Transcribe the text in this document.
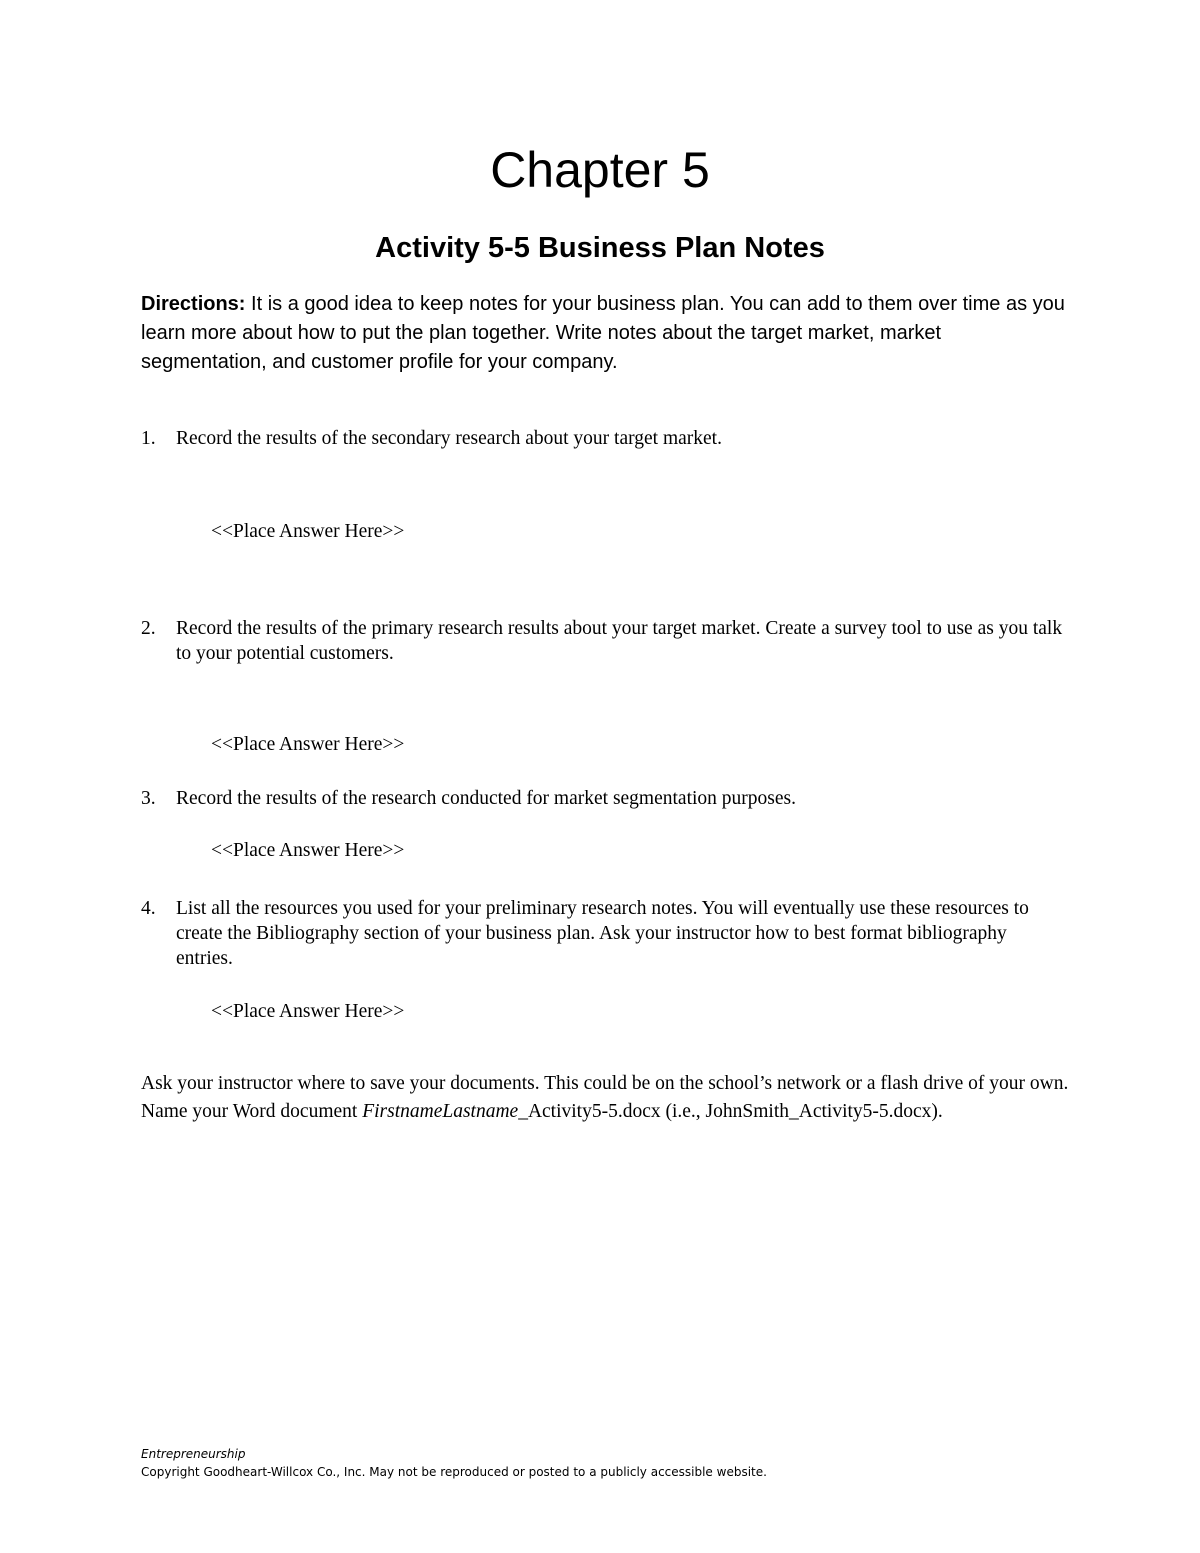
Chapter 5
Activity 5-5 Business Plan Notes

Directions: It is a good idea to keep notes for your business plan. You can add to them over time as you learn more about how to put the plan together. Write notes about the target market, market segmentation, and customer profile for your company.

1.	Record the results of the secondary research about your target market.
<<Place Answer Here>>
2.	Record the results of the primary research results about your target market. Create a survey tool to use as you talk to your potential customers.
<<Place Answer Here>>
3.	Record the results of the research conducted for market segmentation purposes.
<<Place Answer Here>>
4.	List all the resources you used for your preliminary research notes. You will eventually use these resources to create the Bibliography section of your business plan. Ask your instructor how to best format bibliography entries.
<<Place Answer Here>>

Ask your instructor where to save your documents. This could be on the school’s network or a flash drive of your own. Name your Word document FirstnameLastname_Activity5-5.docx (i.e., JohnSmith_Activity5-5.docx).

Entrepreneurship
Copyright Goodheart-Willcox Co., Inc. May not be reproduced or posted to a publicly accessible website.
